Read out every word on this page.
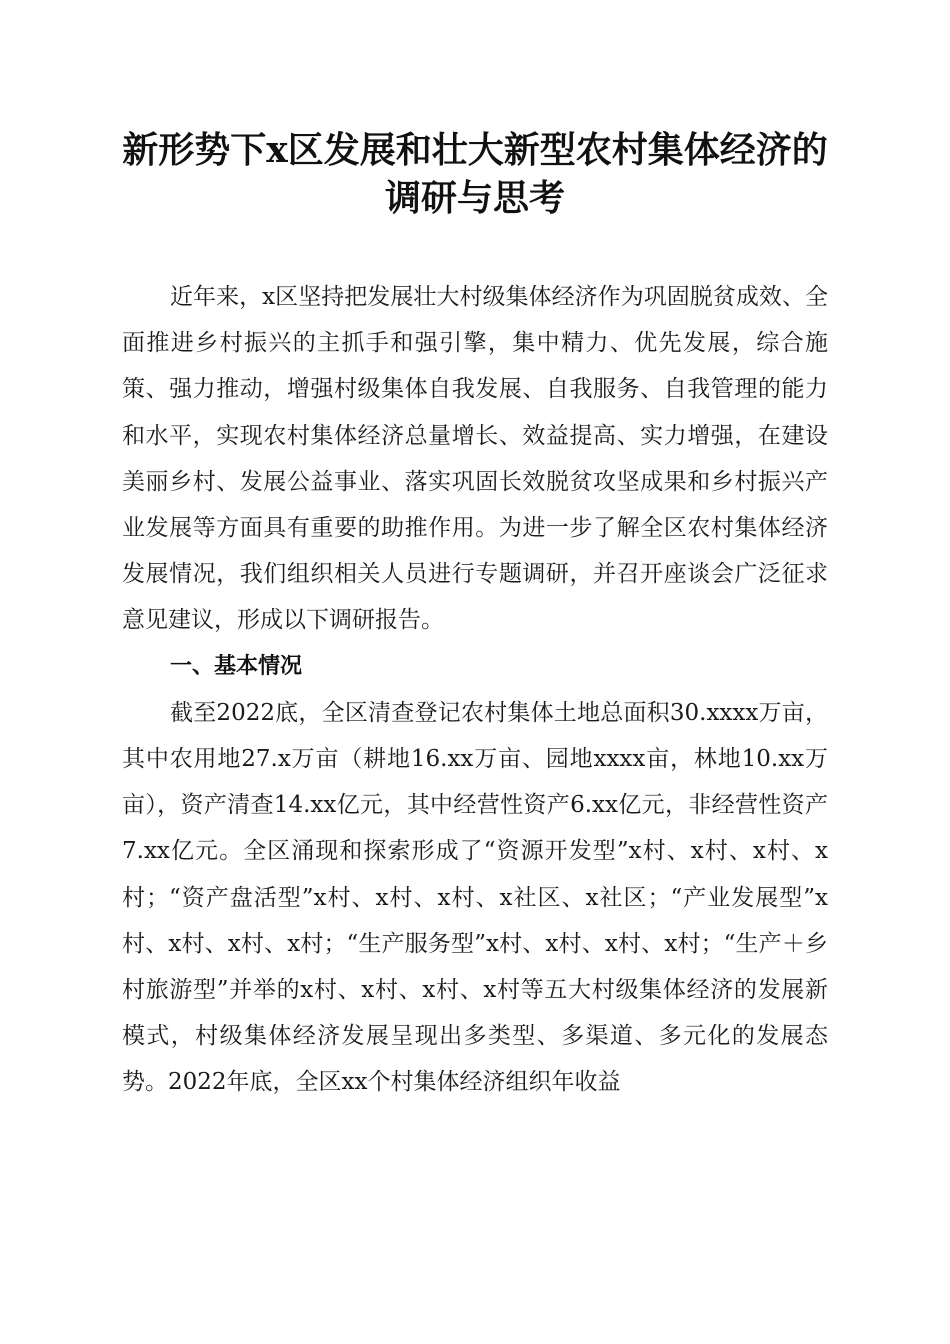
新形势下x区发展和壮大新型农村集体经济的调研与思考

近年来，x区坚持把发展壮大村级集体经济作为巩固脱贫成效、全面推进乡村振兴的主抓手和强引擎，集中精力、优先发展，综合施策、强力推动，增强村级集体自我发展、自我服务、自我管理的能力和水平，实现农村集体经济总量增长、效益提高、实力增强，在建设美丽乡村、发展公益事业、落实巩固长效脱贫攻坚成果和乡村振兴产业发展等方面具有重要的助推作用。为进一步了解全区农村集体经济发展情况，我们组织相关人员进行专题调研，并召开座谈会广泛征求意见建议，形成以下调研报告。

一、基本情况

截至2022底，全区清查登记农村集体土地总面积30.xxxx万亩，其中农用地27.x万亩（耕地16.xx万亩、园地xxxx亩，林地10.xx万亩），资产清查14.xx亿元，其中经营性资产6.xx亿元，非经营性资产7.xx亿元。全区涌现和探索形成了“资源开发型”x村、x村、x村、x村；“资产盘活型”x村、x村、x村、x社区、x社区；“产业发展型”x村、x村、x村、x村；“生产服务型”x村、x村、x村、x村；“生产＋乡村旅游型”并举的x村、x村、x村、x村等五大村级集体经济的发展新模式，村级集体经济发展呈现出多类型、多渠道、多元化的发展态势。2022年底，全区xx个村集体经济组织年收益
